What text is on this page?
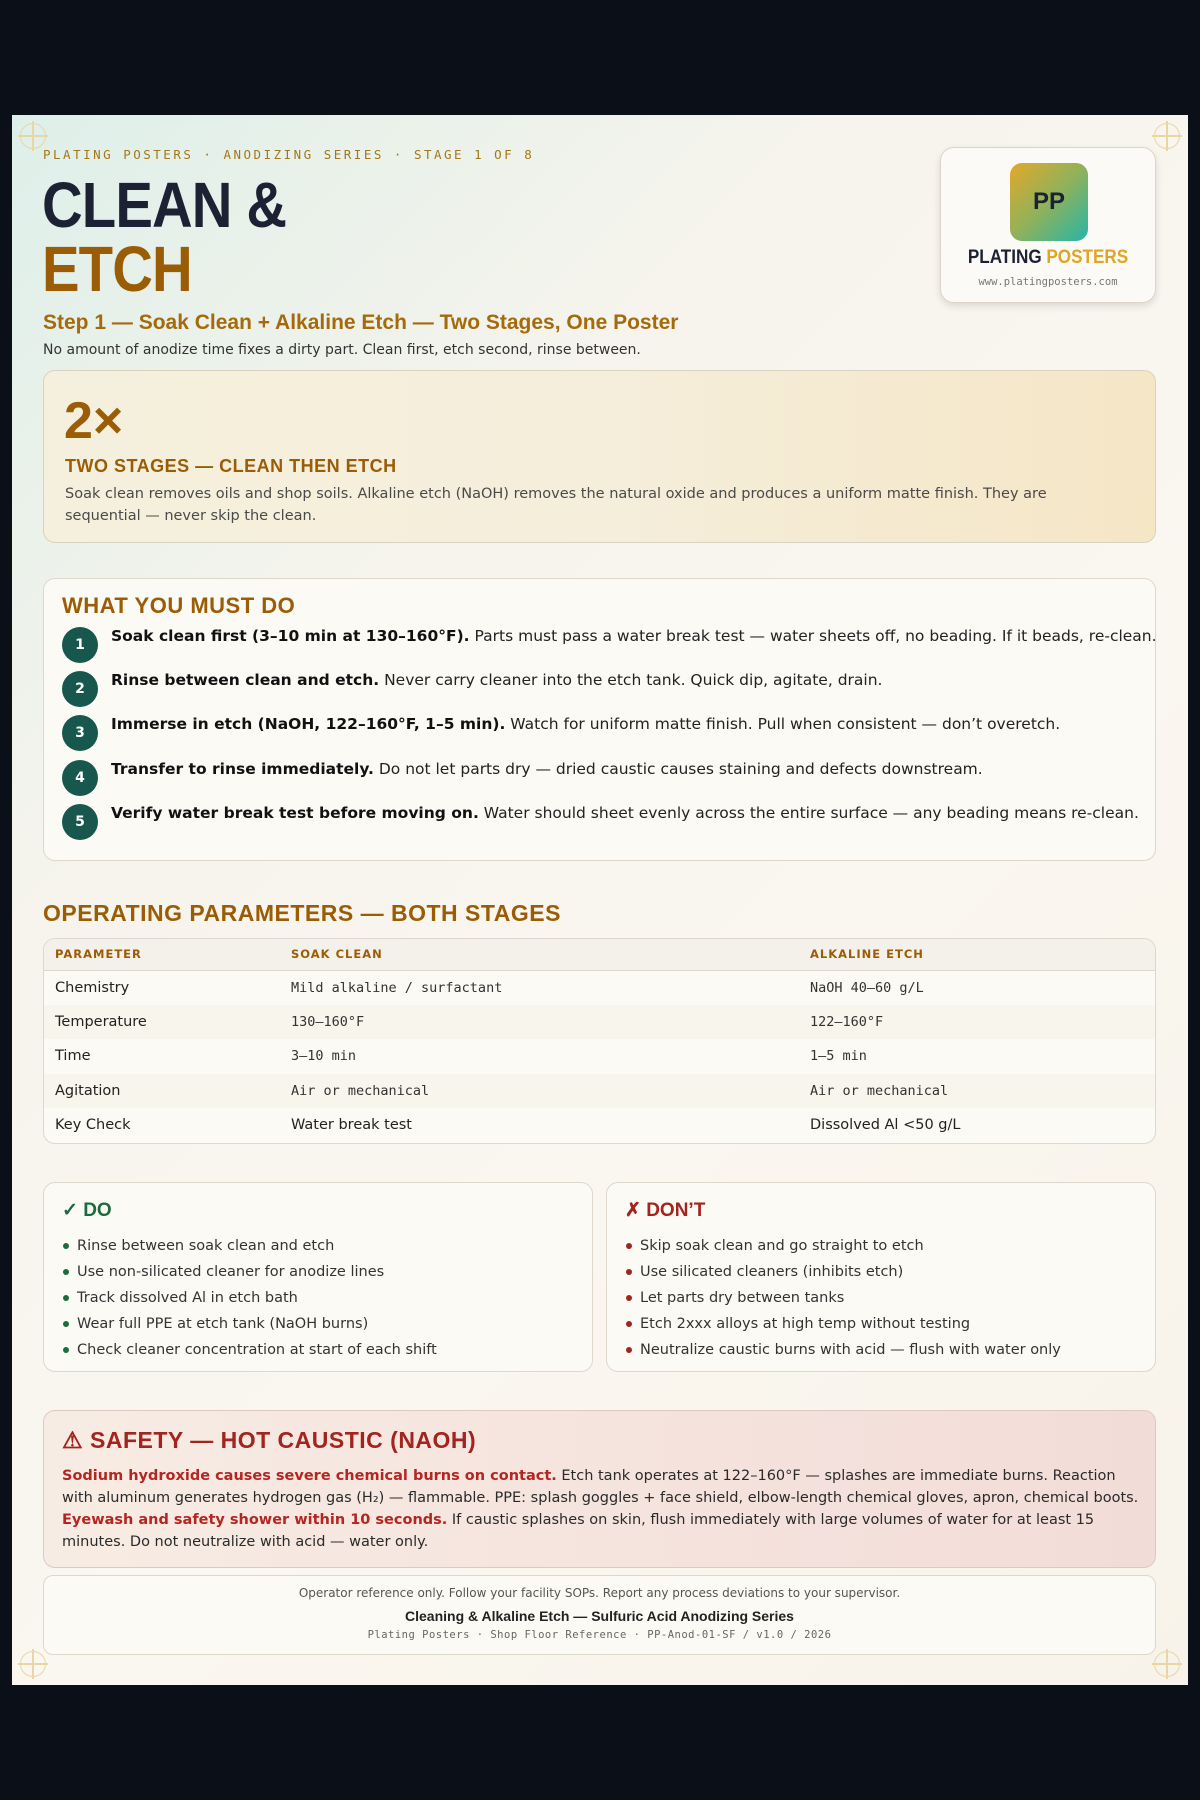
PLATING POSTERS · ANODIZING SERIES · STAGE 1 OF 8
CLEAN &
ETCH
Step 1 — Soak Clean + Alkaline Etch — Two Stages, One Poster
No amount of anodize time fixes a dirty part. Clean first, etch second, rinse between.
PP
PLATING POSTERS
www.platingposters.com
2×
TWO STAGES — CLEAN THEN ETCH
Soak clean removes oils and shop soils. Alkaline etch (NaOH) removes the natural oxide and produces a uniform matte finish. They are sequential — never skip the clean.
WHAT YOU MUST DO
1	Soak clean first (3–10 min at 130–160°F). Parts must pass a water break test — water sheets off, no beading. If it beads, re-clean.
2	Rinse between clean and etch. Never carry cleaner into the etch tank. Quick dip, agitate, drain.
3	Immerse in etch (NaOH, 122–160°F, 1–5 min). Watch for uniform matte finish. Pull when consistent — don’t overetch.
4	Transfer to rinse immediately. Do not let parts dry — dried caustic causes staining and defects downstream.
5	Verify water break test before moving on. Water should sheet evenly across the entire surface — any beading means re-clean.
OPERATING PARAMETERS — BOTH STAGES
PARAMETER	SOAK CLEAN	ALKALINE ETCH
Chemistry	Mild alkaline / surfactant	NaOH 40–60 g/L
Temperature	130–160°F	122–160°F
Time	3–10 min	1–5 min
Agitation	Air or mechanical	Air or mechanical
Key Check	Water break test	Dissolved Al <50 g/L
✓ DO
Rinse between soak clean and etch
Use non-silicated cleaner for anodize lines
Track dissolved Al in etch bath
Wear full PPE at etch tank (NaOH burns)
Check cleaner concentration at start of each shift
✗ DON’T
Skip soak clean and go straight to etch
Use silicated cleaners (inhibits etch)
Let parts dry between tanks
Etch 2xxx alloys at high temp without testing
Neutralize caustic burns with acid — flush with water only
⚠ SAFETY — HOT CAUSTIC (NAOH)
Sodium hydroxide causes severe chemical burns on contact. Etch tank operates at 122–160°F — splashes are immediate burns. Reaction with aluminum generates hydrogen gas (H₂) — flammable. PPE: splash goggles + face shield, elbow-length chemical gloves, apron, chemical boots. Eyewash and safety shower within 10 seconds. If caustic splashes on skin, flush immediately with large volumes of water for at least 15 minutes. Do not neutralize with acid — water only.
Operator reference only. Follow your facility SOPs. Report any process deviations to your supervisor.
Cleaning & Alkaline Etch — Sulfuric Acid Anodizing Series
Plating Posters · Shop Floor Reference · PP-Anod-01-SF / v1.0 / 2026
